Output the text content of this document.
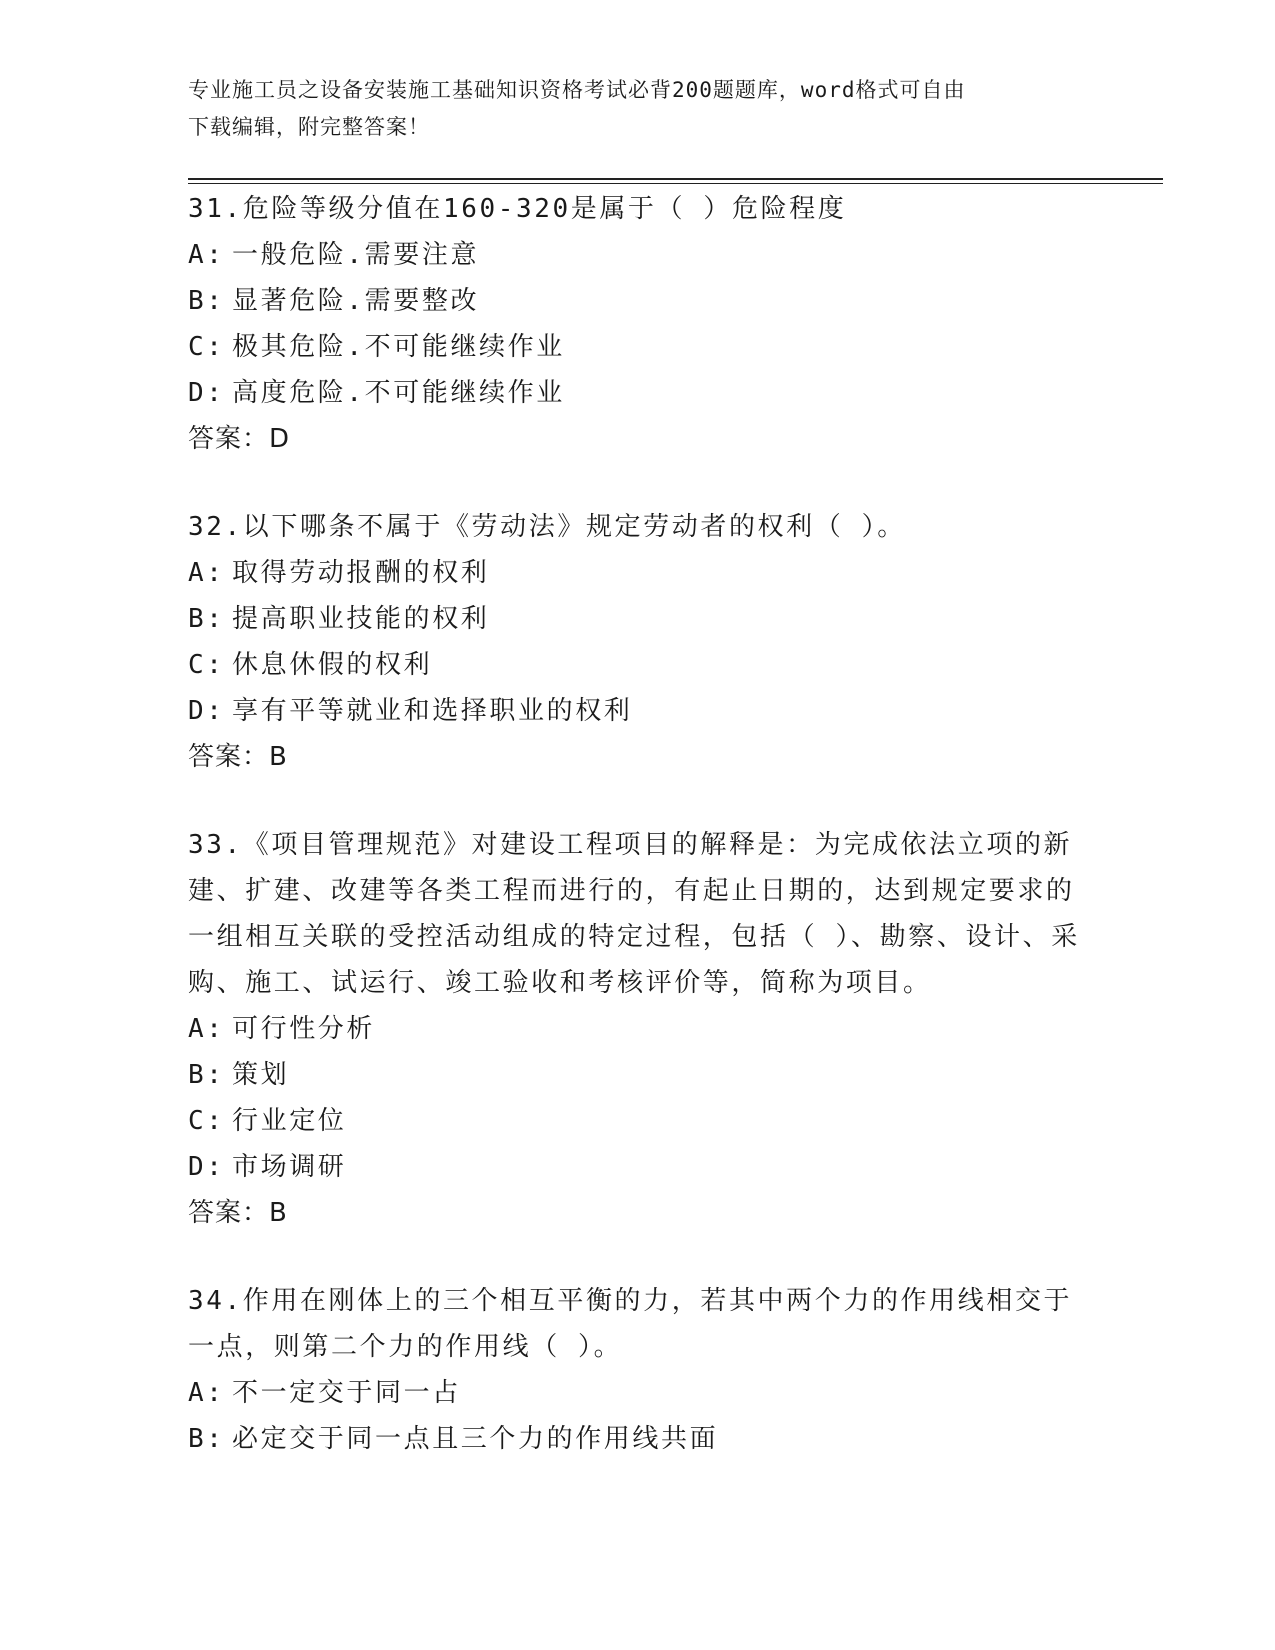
专业施工员之设备安装施工基础知识资格考试必背200题题库，word格式可自由
下载编辑，附完整答案！
31.危险等级分值在160-320是属于（ ）危险程度
A: 一般危险.需要注意
B: 显著危险.需要整改
C: 极其危险.不可能继续作业
D: 高度危险.不可能继续作业
答案：D
32.以下哪条不属于《劳动法》规定劳动者的权利（ ）。
A: 取得劳动报酬的权利
B: 提高职业技能的权利
C: 休息休假的权利
D: 享有平等就业和选择职业的权利
答案：B
33.《项目管理规范》对建设工程项目的解释是：为完成依法立项的新建、扩建、改建等各类工程而进行的，有起止日期的，达到规定要求的一组相互关联的受控活动组成的特定过程，包括（ ）、勘察、设计、采购、施工、试运行、竣工验收和考核评价等，简称为项目。
A: 可行性分析
B: 策划
C: 行业定位
D: 市场调研
答案：B
34.作用在刚体上的三个相互平衡的力，若其中两个力的作用线相交于一点，则第二个力的作用线（ ）。
A: 不一定交于同一占
B: 必定交于同一点且三个力的作用线共面
